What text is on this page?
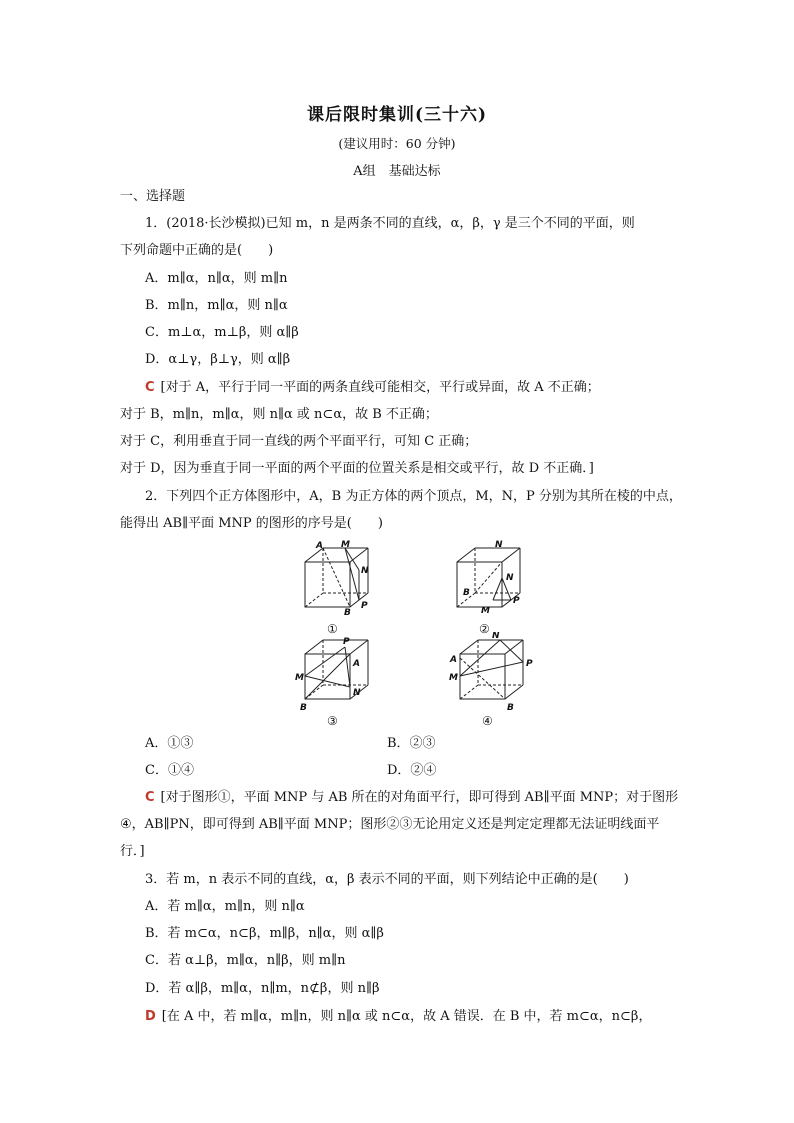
课后限时集训(三十六)
(建议用时：60 分钟)
A组　基础达标
一、选择题
1．(2018·长沙模拟)已知 m，n 是两条不同的直线，α，β，γ 是三个不同的平面，则
下列命题中正确的是(　　)
A．m∥α，n∥α，则 m∥n
B．m∥n，m∥α，则 n∥α
C．m⊥α，m⊥β，则 α∥β
D．α⊥γ，β⊥γ，则 α∥β
C [对于 A，平行于同一平面的两条直线可能相交，平行或异面，故 A 不正确；
对于 B，m∥n，m∥α，则 n∥α 或 n⊂α，故 B 不正确；
对于 C，利用垂直于同一直线的两个平面平行，可知 C 正确；
对于 D，因为垂直于同一平面的两个平面的位置关系是相交或平行，故 D 不正确．]
2．下列四个正方体图形中，A，B 为正方体的两个顶点，M，N，P 分别为其所在棱的中点，
能得出 AB∥平面 MNP 的图形的序号是(　　)
A M
N
B
P
①
N
B
M
P
N
②
P
A
M
N
B
③
N
A
M
P
B
④
A．①③	B．②③
C．①④	D．②④
C [对于图形①，平面 MNP 与 AB 所在的对角面平行，即可得到 AB∥平面 MNP；对于图形
④，AB∥PN，即可得到 AB∥平面 MNP；图形②③无论用定义还是判定定理都无法证明线面平
行．]
3．若 m，n 表示不同的直线，α，β 表示不同的平面，则下列结论中正确的是(　　)
A．若 m∥α，m∥n，则 n∥α
B．若 m⊂α，n⊂β，m∥β，n∥α，则 α∥β
C．若 α⊥β，m∥α，n∥β，则 m∥n
D．若 α∥β，m∥α，n∥m，n⊄β，则 n∥β
D [在 A 中，若 m∥α，m∥n，则 n∥α 或 n⊂α，故 A 错误．在 B 中，若 m⊂α，n⊂β，
